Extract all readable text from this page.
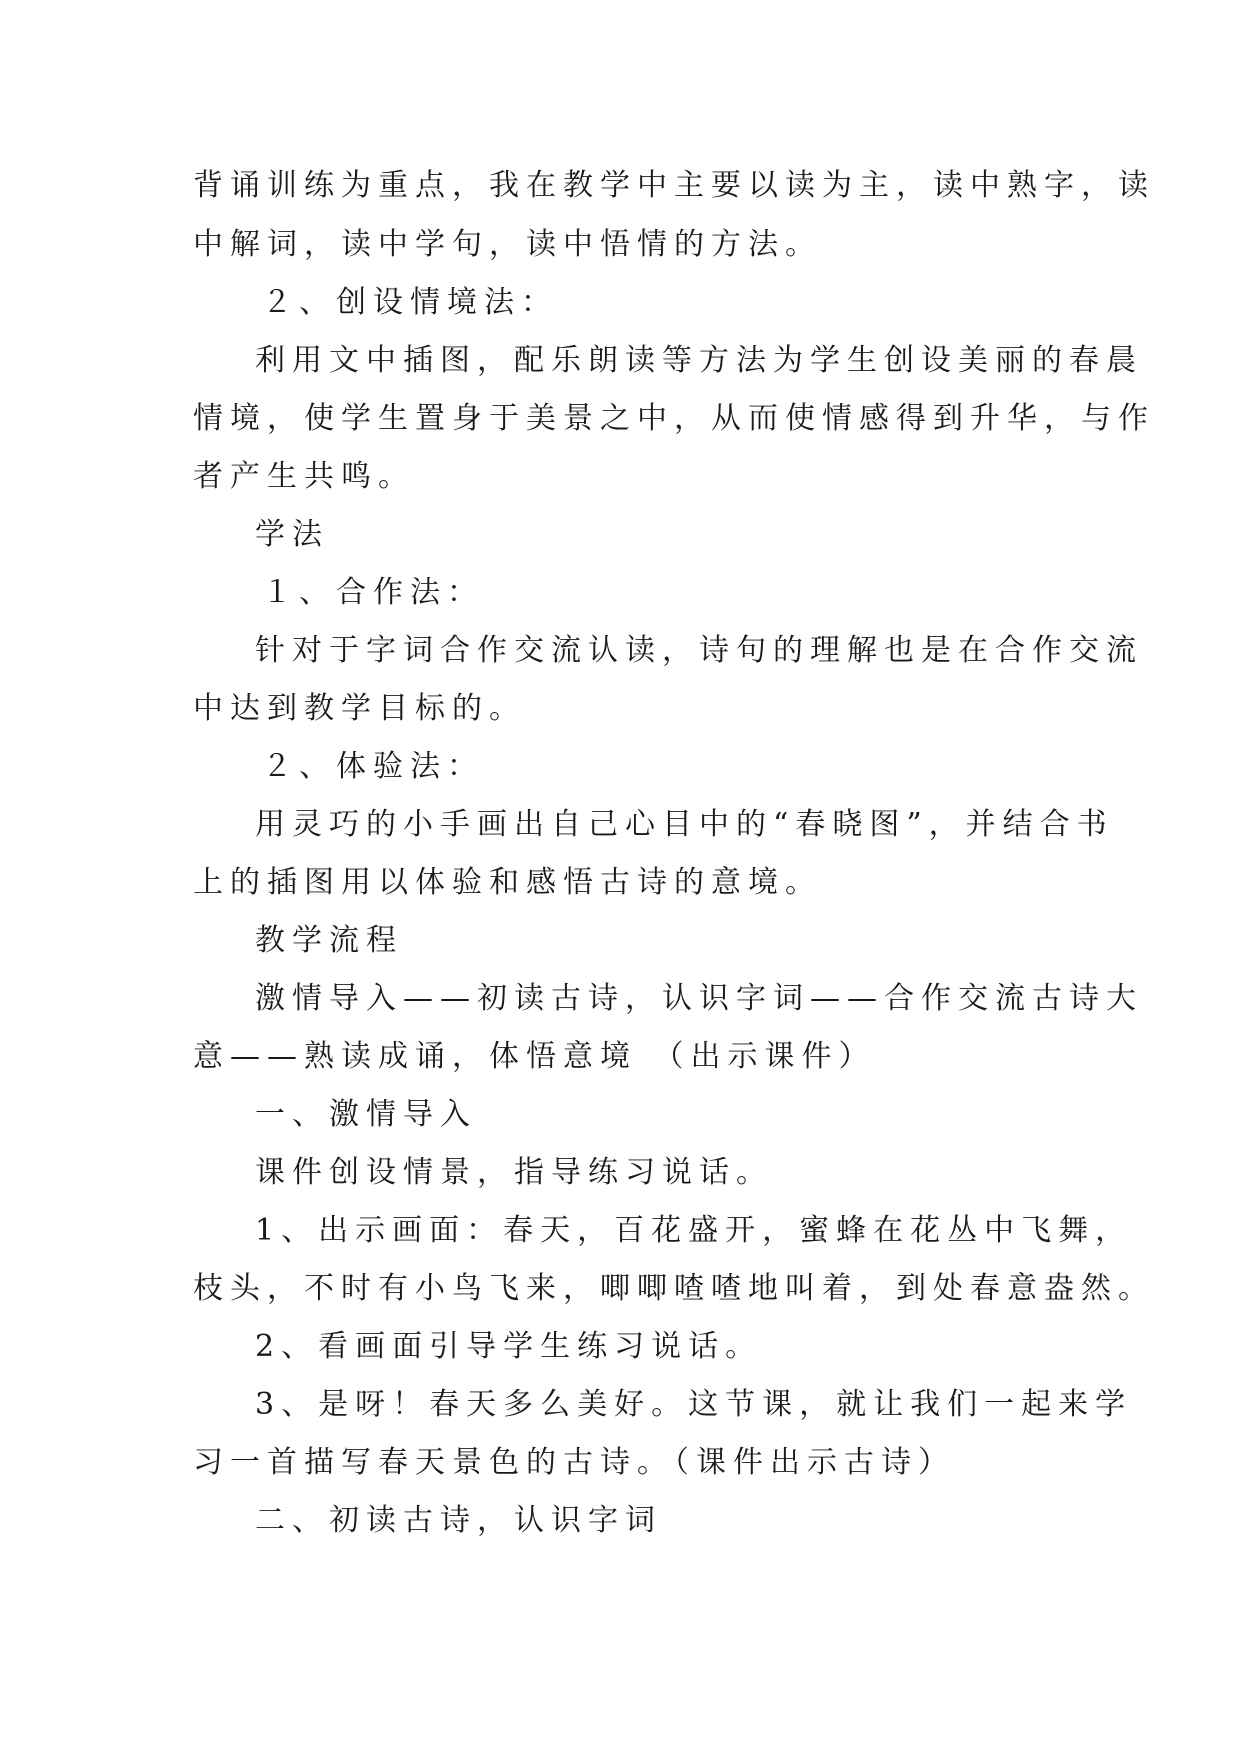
背诵训练为重点，我在教学中主要以读为主，读中熟字，读
中解词，读中学句，读中悟情的方法。
２、创设情境法：
利用文中插图，配乐朗读等方法为学生创设美丽的春晨
情境，使学生置身于美景之中，从而使情感得到升华，与作
者产生共鸣。
学法
１、合作法：
针对于字词合作交流认读，诗句的理解也是在合作交流
中达到教学目标的。
２、体验法：
用灵巧的小手画出自己心目中的“春晓图”，并结合书
上的插图用以体验和感悟古诗的意境。
教学流程
激情导入——初读古诗，认识字词——合作交流古诗大
意——熟读成诵，体悟意境 （出示课件）
一、激情导入
课件创设情景，指导练习说话。
1、出示画面：春天，百花盛开，蜜蜂在花丛中飞舞，
枝头，不时有小鸟飞来，唧唧喳喳地叫着，到处春意盎然。
2、看画面引导学生练习说话。
3、是呀！春天多么美好。这节课，就让我们一起来学
习一首描写春天景色的古诗。（课件出示古诗）
二、初读古诗，认识字词
